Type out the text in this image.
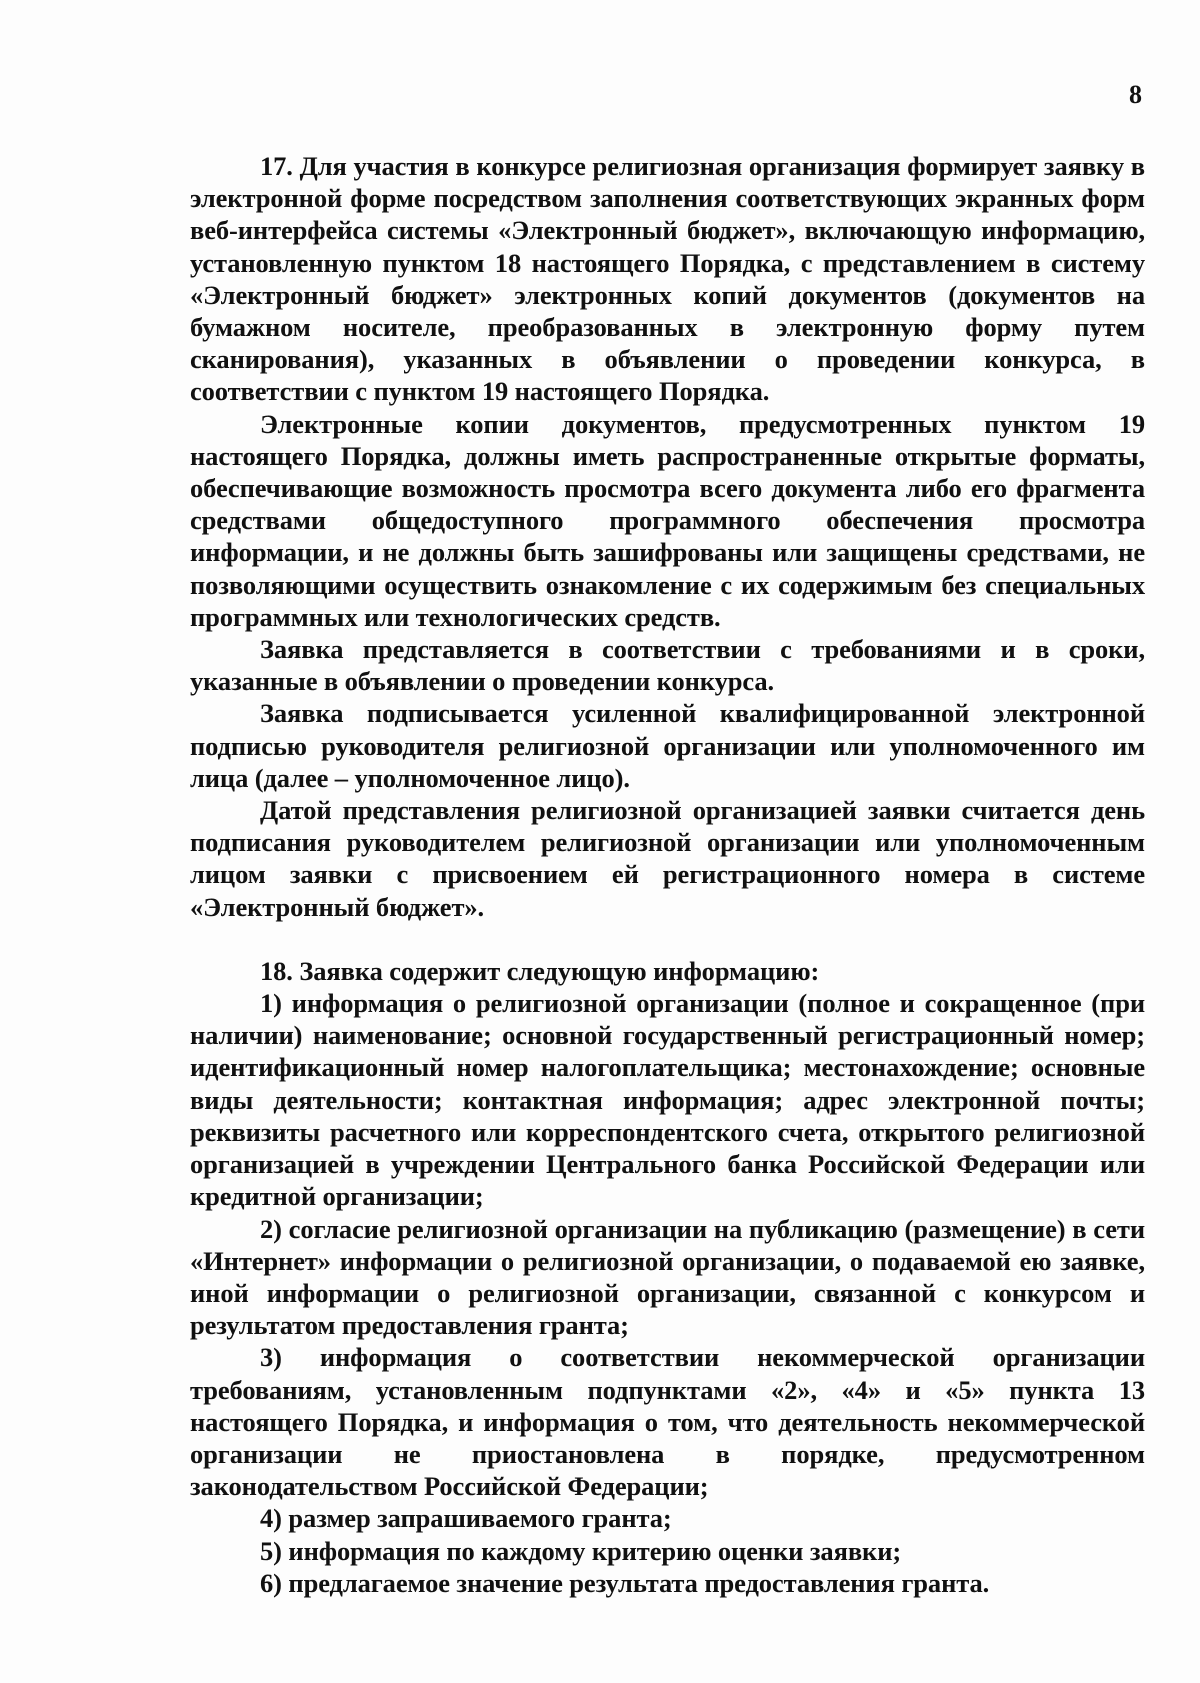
8

17. Для участия в конкурсе религиозная организация формирует заявку в электронной форме посредством заполнения соответствующих экранных форм веб-интерфейса системы «Электронный бюджет», включающую информацию, установленную пунктом 18 настоящего Порядка, с представлением в систему «Электронный бюджет» электронных копий документов (документов на бумажном носителе, преобразованных в электронную форму путем сканирования), указанных в объявлении о проведении конкурса, в соответствии с пунктом 19 настоящего Порядка.

Электронные копии документов, предусмотренных пунктом 19 настоящего Порядка, должны иметь распространенные открытые форматы, обеспечивающие возможность просмотра всего документа либо его фрагмента средствами общедоступного программного обеспечения просмотра информации, и не должны быть зашифрованы или защищены средствами, не позволяющими осуществить ознакомление с их содержимым без специальных программных или технологических средств.

Заявка представляется в соответствии с требованиями и в сроки, указанные в объявлении о проведении конкурса.

Заявка подписывается усиленной квалифицированной электронной подписью руководителя религиозной организации или уполномоченного им лица (далее – уполномоченное лицо).

Датой представления религиозной организацией заявки считается день подписания руководителем религиозной организации или уполномоченным лицом заявки с присвоением ей регистрационного номера в системе «Электронный бюджет».

18. Заявка содержит следующую информацию:

1) информация о религиозной организации (полное и сокращенное (при наличии) наименование; основной государственный регистрационный номер; идентификационный номер налогоплательщика; местонахождение; основные виды деятельности; контактная информация; адрес электронной почты; реквизиты расчетного или корреспондентского счета, открытого религиозной организацией в учреждении Центрального банка Российской Федерации или кредитной организации;

2) согласие религиозной организации на публикацию (размещение) в сети «Интернет» информации о религиозной организации, о подаваемой ею заявке, иной информации о религиозной организации, связанной с конкурсом и результатом предоставления гранта;

3) информация о соответствии некоммерческой организации требованиям, установленным подпунктами «2», «4» и «5» пункта 13 настоящего Порядка, и информация о том, что деятельность некоммерческой организации не приостановлена в порядке, предусмотренном законодательством Российской Федерации;

4) размер запрашиваемого гранта;

5) информация по каждому критерию оценки заявки;

6) предлагаемое значение результата предоставления гранта.
